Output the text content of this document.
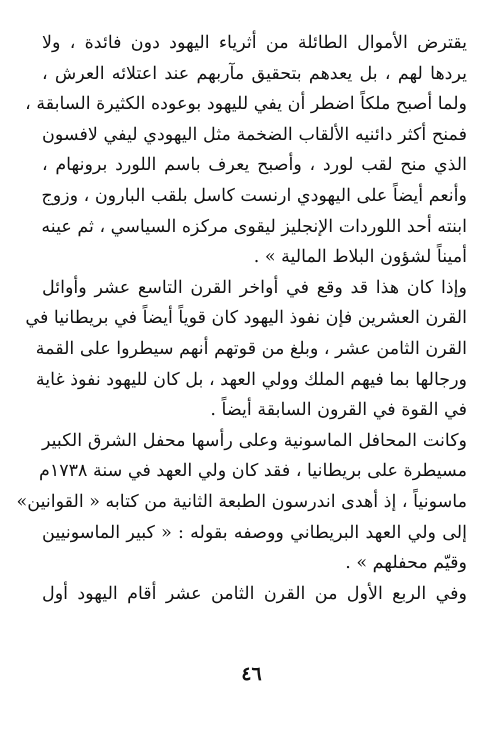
يقترض الأموال الطائلة من أثرياء اليهود دون فائدة ، ولا
يردها لهم ، بل يعدهم بتحقيق مآربهم عند اعتلائه العرش ،
ولما أصبح ملكاً اضطر أن يفي لليهود بوعوده الكثيرة السابقة ،
فمنح أكثر دائنيه الألقاب الضخمة مثل اليهودي ليفي لافسون
الذي منح لقب لورد ، وأصبح يعرف باسم اللورد برونهام ،
وأنعم أيضاً على اليهودي ارنست كاسل بلقب البارون ، وزوج
ابنته أحد اللوردات الإنجليز ليقوى مركزه السياسي ، ثم عينه
أميناً لشؤون البلاط المالية » .
وإذا كان هذا قد وقع في أواخر القرن التاسع عشر وأوائل
القرن العشرين فإن نفوذ اليهود كان قوياً أيضاً في بريطانيا في
القرن الثامن عشر ، وبلغ من قوتهم أنهم سيطروا على القمة
ورجالها بما فيهم الملك وولي العهد ، بل كان لليهود نفوذ غاية
في القوة في القرون السابقة أيضاً .
وكانت المحافل الماسونية وعلى رأسها محفل الشرق الكبير
مسيطرة على بريطانيا ، فقد كان ولي العهد في سنة ١٧٣٨م
ماسونياً ، إذ أهدى اندرسون الطبعة الثانية من كتابه « القوانين»
إلى ولي العهد البريطاني ووصفه بقوله : « كبير الماسونيين
وقيّم محفلهم » .
وفي الربع الأول من القرن الثامن عشر أقام اليهود أول
٤٦
